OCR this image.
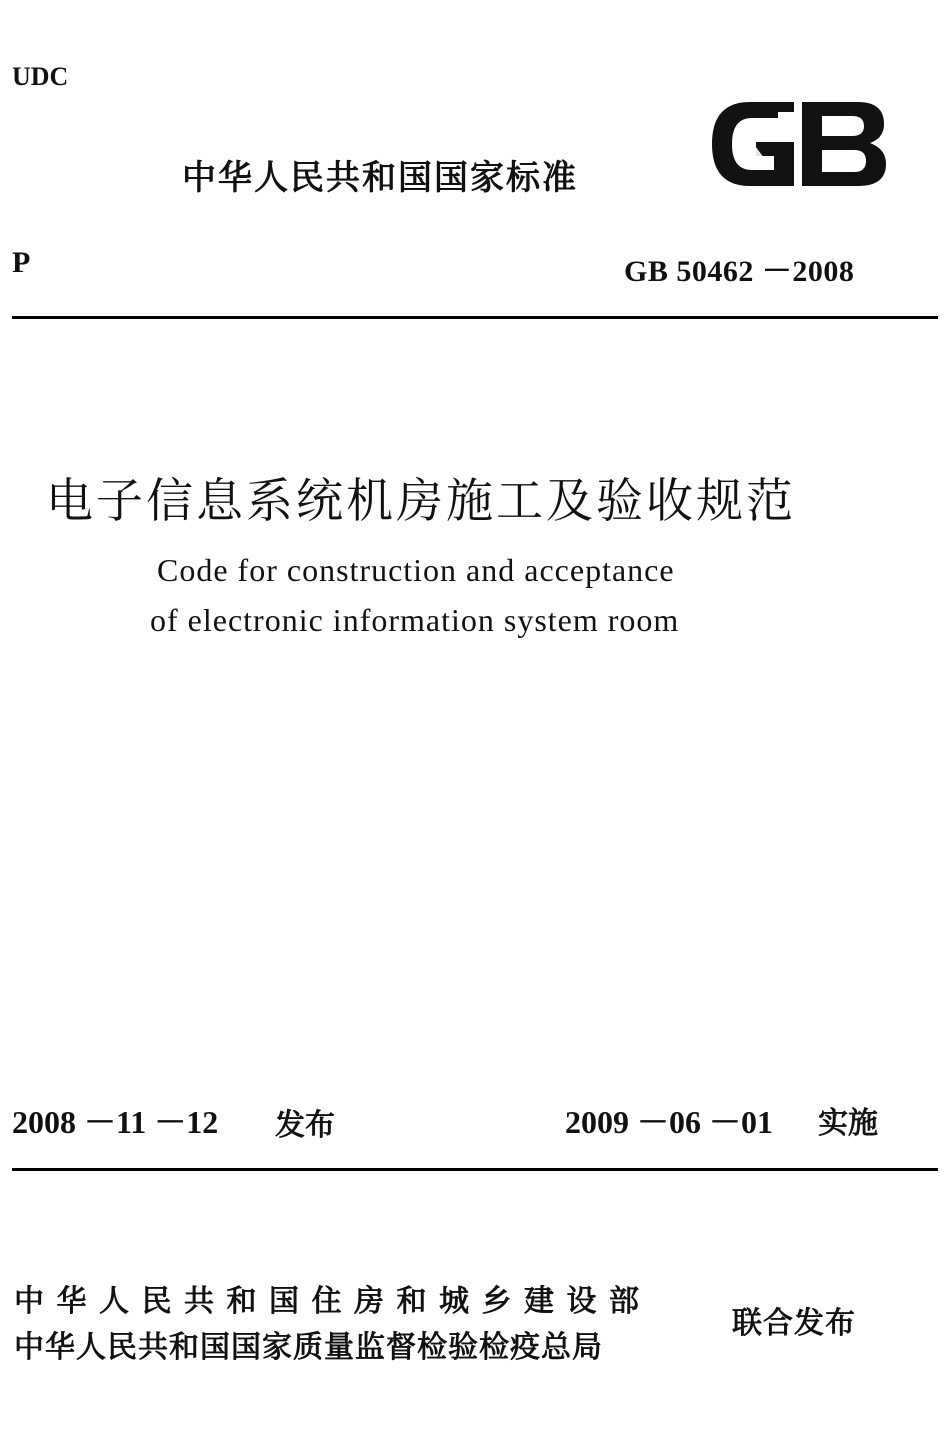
UDC
中华人民共和国国家标准
P	GB 50462 －2008
电子信息系统机房施工及验收规范
Code for construction and acceptance
of electronic information system room
2008 －11 －12 发布	2009 －06 －01 实施
中华人民共和国住房和城乡建设部
中华人民共和国国家质量监督检验检疫总局
联合发布
